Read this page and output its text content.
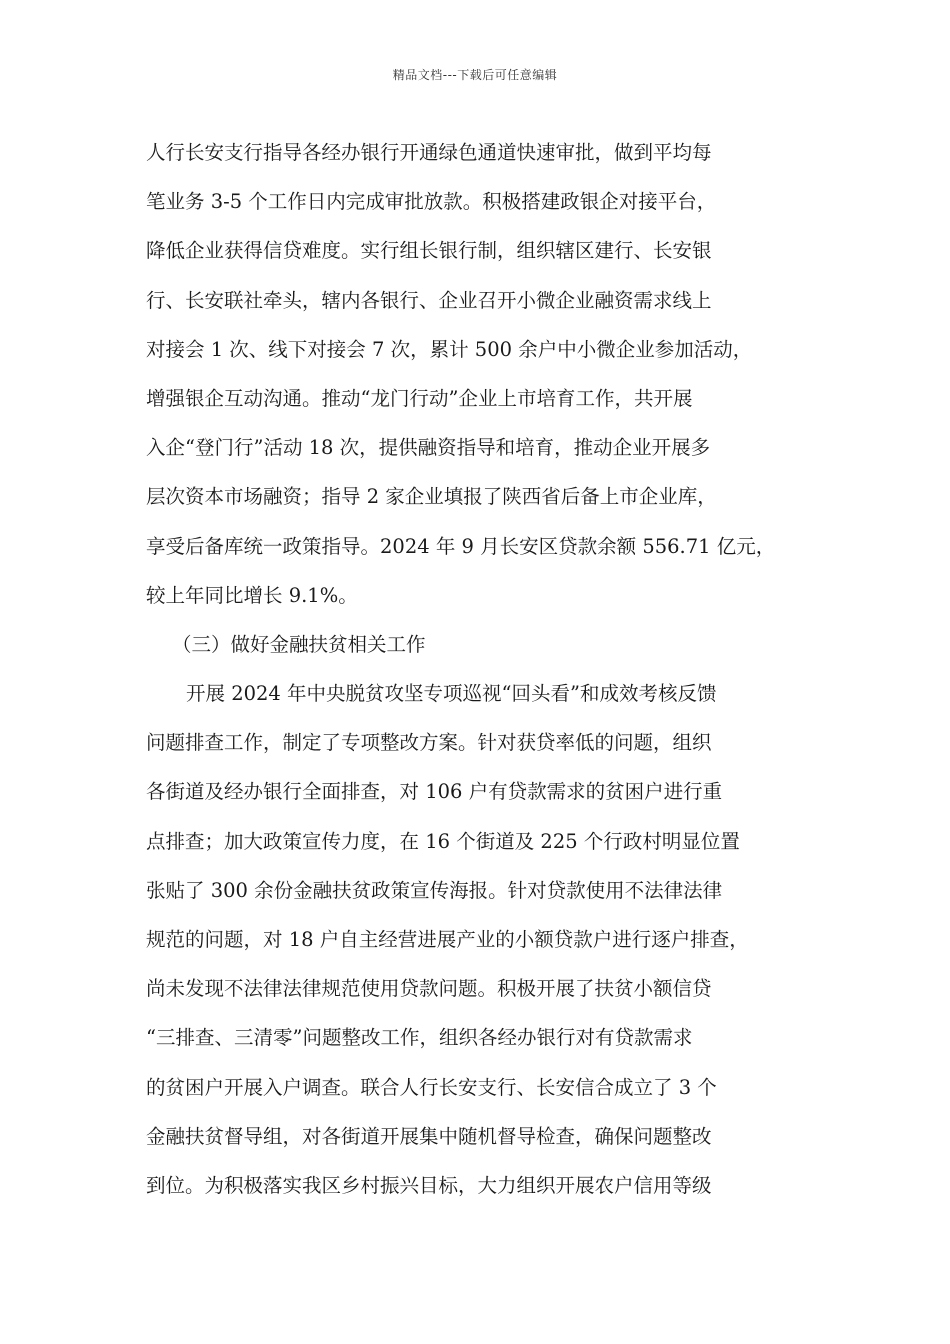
精品文档---下载后可任意编辑
人行长安支行指导各经办银行开通绿色通道快速审批，做到平均每
笔业务 3-5 个工作日内完成审批放款。积极搭建政银企对接平台，
降低企业获得信贷难度。实行组长银行制，组织辖区建行、长安银
行、长安联社牵头，辖内各银行、企业召开小微企业融资需求线上
对接会 1 次、线下对接会 7 次，累计 500 余户中小微企业参加活动，
增强银企互动沟通。推动“龙门行动”企业上市培育工作，共开展
入企“登门行”活动 18 次，提供融资指导和培育，推动企业开展多
层次资本市场融资；指导 2 家企业填报了陕西省后备上市企业库，
享受后备库统一政策指导。2024 年 9 月长安区贷款余额 556.71 亿元，
较上年同比增长 9.1%。
（三）做好金融扶贫相关工作
开展 2024 年中央脱贫攻坚专项巡视“回头看”和成效考核反馈
问题排查工作，制定了专项整改方案。针对获贷率低的问题，组织
各街道及经办银行全面排查，对 106 户有贷款需求的贫困户进行重
点排查；加大政策宣传力度，在 16 个街道及 225 个行政村明显位置
张贴了 300 余份金融扶贫政策宣传海报。针对贷款使用不法律法律
规范的问题，对 18 户自主经营进展产业的小额贷款户进行逐户排查，
尚未发现不法律法律规范使用贷款问题。积极开展了扶贫小额信贷
“三排查、三清零”问题整改工作，组织各经办银行对有贷款需求
的贫困户开展入户调查。联合人行长安支行、长安信合成立了 3 个
金融扶贫督导组，对各街道开展集中随机督导检查，确保问题整改
到位。为积极落实我区乡村振兴目标，大力组织开展农户信用等级
